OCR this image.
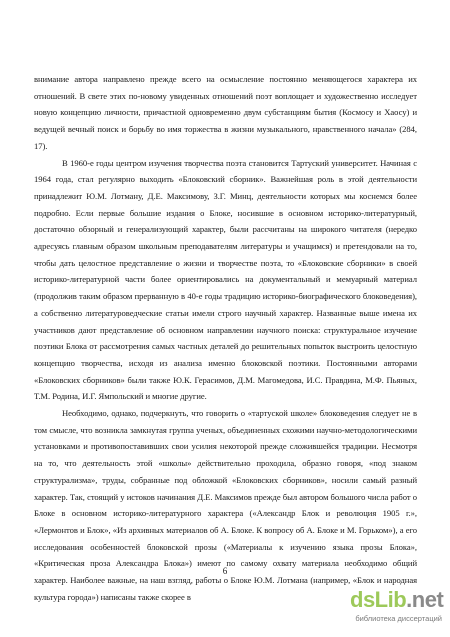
внимание автора направлено прежде всего на осмысление постоянно меняющегося характера их отношений. В свете этих по-новому увиденных отношений поэт воплощает и художественно исследует новую концепцию личности, причастной одновременно двум субстанциям бытия (Космосу и Хаосу) и ведущей вечный поиск и борьбу во имя торжества в жизни музыкального, нравственного начала» (284, 17).

В 1960-е годы центром изучения творчества поэта становится Тартуский университет. Начиная с 1964 года, стал регулярно выходить «Блоковский сборник». Важнейшая роль в этой деятельности принадлежит Ю.М. Лотману, Д.Е. Максимову, З.Г. Минц, деятельности которых мы коснемся более подробно. Если первые большие издания о Блоке, носившие в основном историко-литературный, достаточно обзорный и генерализующий характер, были рассчитаны на широкого читателя (нередко адресуясь главным образом школьным преподавателям литературы и учащимся) и претендовали на то, чтобы дать целостное представление о жизни и творчестве поэта, то «Блоковские сборники» в своей историко-литературной части более ориентировались на документальный и мемуарный материал (продолжив таким образом прерванную в 40-е годы традицию историко-биографического блоковедения), а собственно литературоведческие статьи имели строго научный характер. Названные выше имена их участников дают представление об основном направлении научного поиска: структуральное изучение поэтики Блока от рассмотрения самых частных деталей до решительных попыток выстроить целостную концепцию творчества, исходя из анализа именно блоковской поэтики. Постоянными авторами «Блоковских сборников» были также Ю.К. Герасимов, Д.М. Магомедова, И.С. Правдина, М.Ф. Пьяных, Т.М. Родина, И.Г. Ямпольский и многие другие.

Необходимо, однако, подчеркнуть, что говорить о «тартуской школе» блоковедения следует не в том смысле, что возникла замкнутая группа ученых, объединенных схожими научно-методологическими установками и противопоставивших свои усилия некоторой прежде сложившейся традиции. Несмотря на то, что деятельность этой «школы» действительно проходила, образно говоря, «под знаком структурализма», труды, собранные под обложкой «Блоковских сборников», носили самый разный характер. Так, стоящий у истоков начинания Д.Е. Максимов прежде был автором большого числа работ о Блоке в основном историко-литературного характера («Александр Блок и революция 1905 г.», «Лермонтов и Блок», «Из архивных материалов об А. Блоке. К вопросу об А. Блоке и М. Горьком»), а его исследования особенностей блоковской прозы («Материалы к изучению языка прозы Блока», «Критическая проза Александра Блока») имеют по самому охвату материала необходимо общий характер. Наиболее важные, на наш взгляд, работы о Блоке Ю.М. Лотмана (например, «Блок и народная культура города») написаны также скорее в

6
dsLib.net
библиотека диссертаций
